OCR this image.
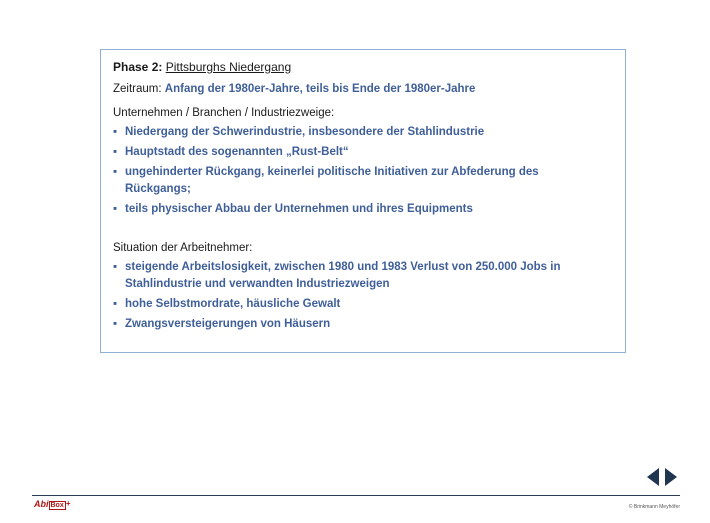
Phase 2: Pittsburghs Niedergang
Zeitraum: Anfang der 1980er-Jahre, teils bis Ende der 1980er-Jahre
Unternehmen / Branchen / Industriezweige:
▪ Niedergang der Schwerindustrie, insbesondere der Stahlindustrie
▪ Hauptstadt des sogenannten „Rust-Belt“
▪ ungehinderter Rückgang, keinerlei politische Initiativen zur Abfederung des Rückgangs;
▪ teils physischer Abbau der Unternehmen und ihres Equipments
Situation der Arbeitnehmer:
▪ steigende Arbeitslosigkeit, zwischen 1980 und 1983 Verlust von 250.000 Jobs in Stahlindustrie und verwandten Industriezweigen
▪ hohe Selbstmordrate, häusliche Gewalt
▪ Zwangsversteigerungen von Häusern
Abi Box +	© Brinkmann Meyhöfer
